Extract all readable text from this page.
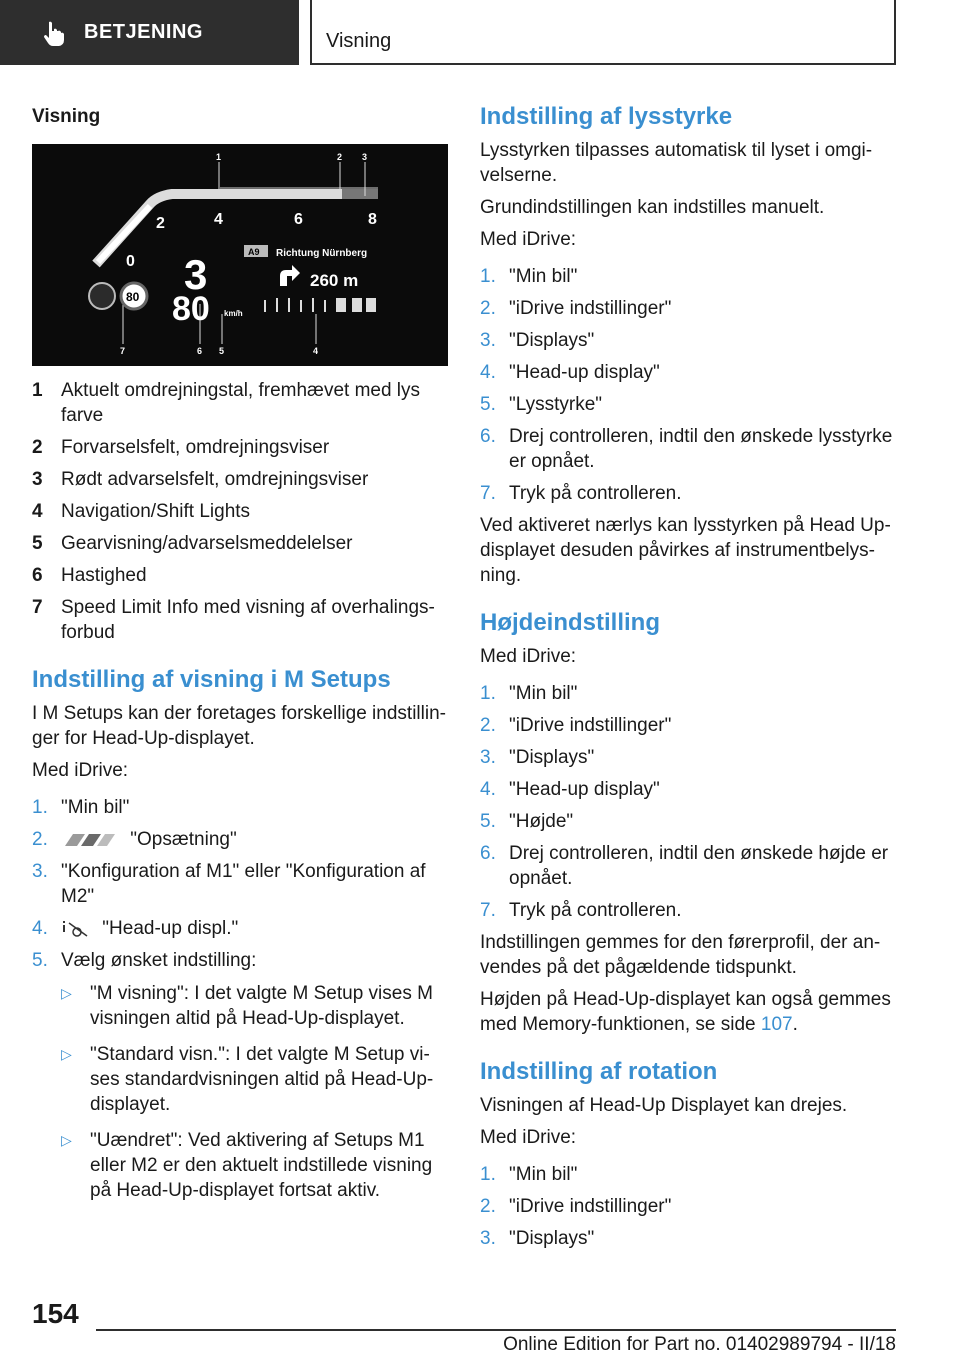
BETJENING	Visning
Visning
1	2 3
7	6 5	4
0
2	4	6	8
3
80 km/h
A9 Richtung Nürnberg
260 m
80
1 Aktuelt omdrejningstal, fremhævet med lys farve
2 Forvarselsfelt, omdrejningsviser
3 Rødt advarselsfelt, omdrejningsviser
4 Navigation/Shift Lights
5 Gearvisning/advarselsmeddelelser
6 Hastighed
7 Speed Limit Info med visning af overhalingsforbud
Indstilling af visning i M Setups

I M Setups kan der foretages forskellige indstillinger for Head-Up-displayet.

Med iDrive:

1. "Min bil"
2.	"Opsætning"
3. "Konfiguration af M1" eller "Konfiguration af M2"
4.	"Head-up displ."
5. Vælg ønsket indstilling:
▷ "M visning": I det valgte M Setup vises M visningen altid på Head-Up-displayet.
▷ "Standard visn.": I det valgte M Setup vises standardvisningen altid på Head-Up-displayet.
▷ "Uændret": Ved aktivering af Setups M1 eller M2 er den aktuelt indstillede visning på Head-Up-displayet fortsat aktiv.
Indstilling af lysstyrke

Lysstyrken tilpasses automatisk til lyset i omgivelserne.

Grundindstillingen kan indstilles manuelt.

Med iDrive:

1. "Min bil"
2. "iDrive indstillinger"
3. "Displays"
4. "Head-up display"
5. "Lysstyrke"
6. Drej controlleren, indtil den ønskede lysstyrke er opnået.
7. Tryk på controlleren.

Ved aktiveret nærlys kan lysstyrken på Head Up-displayet desuden påvirkes af instrumentbelysning.

Højdeindstilling

Med iDrive:

1. "Min bil"
2. "iDrive indstillinger"
3. "Displays"
4. "Head-up display"
5. "Højde"
6. Drej controlleren, indtil den ønskede højde er opnået.
7. Tryk på controlleren.

Indstillingen gemmes for den førerprofil, der anvendes på det pågældende tidspunkt.

Højden på Head-Up-displayet kan også gemmes med Memory-funktionen, se side 107.

Indstilling af rotation

Visningen af Head-Up Displayet kan drejes.

Med iDrive:

1. "Min bil"
2. "iDrive indstillinger"
3. "Displays"
154
Online Edition for Part no. 01402989794 - II/18
